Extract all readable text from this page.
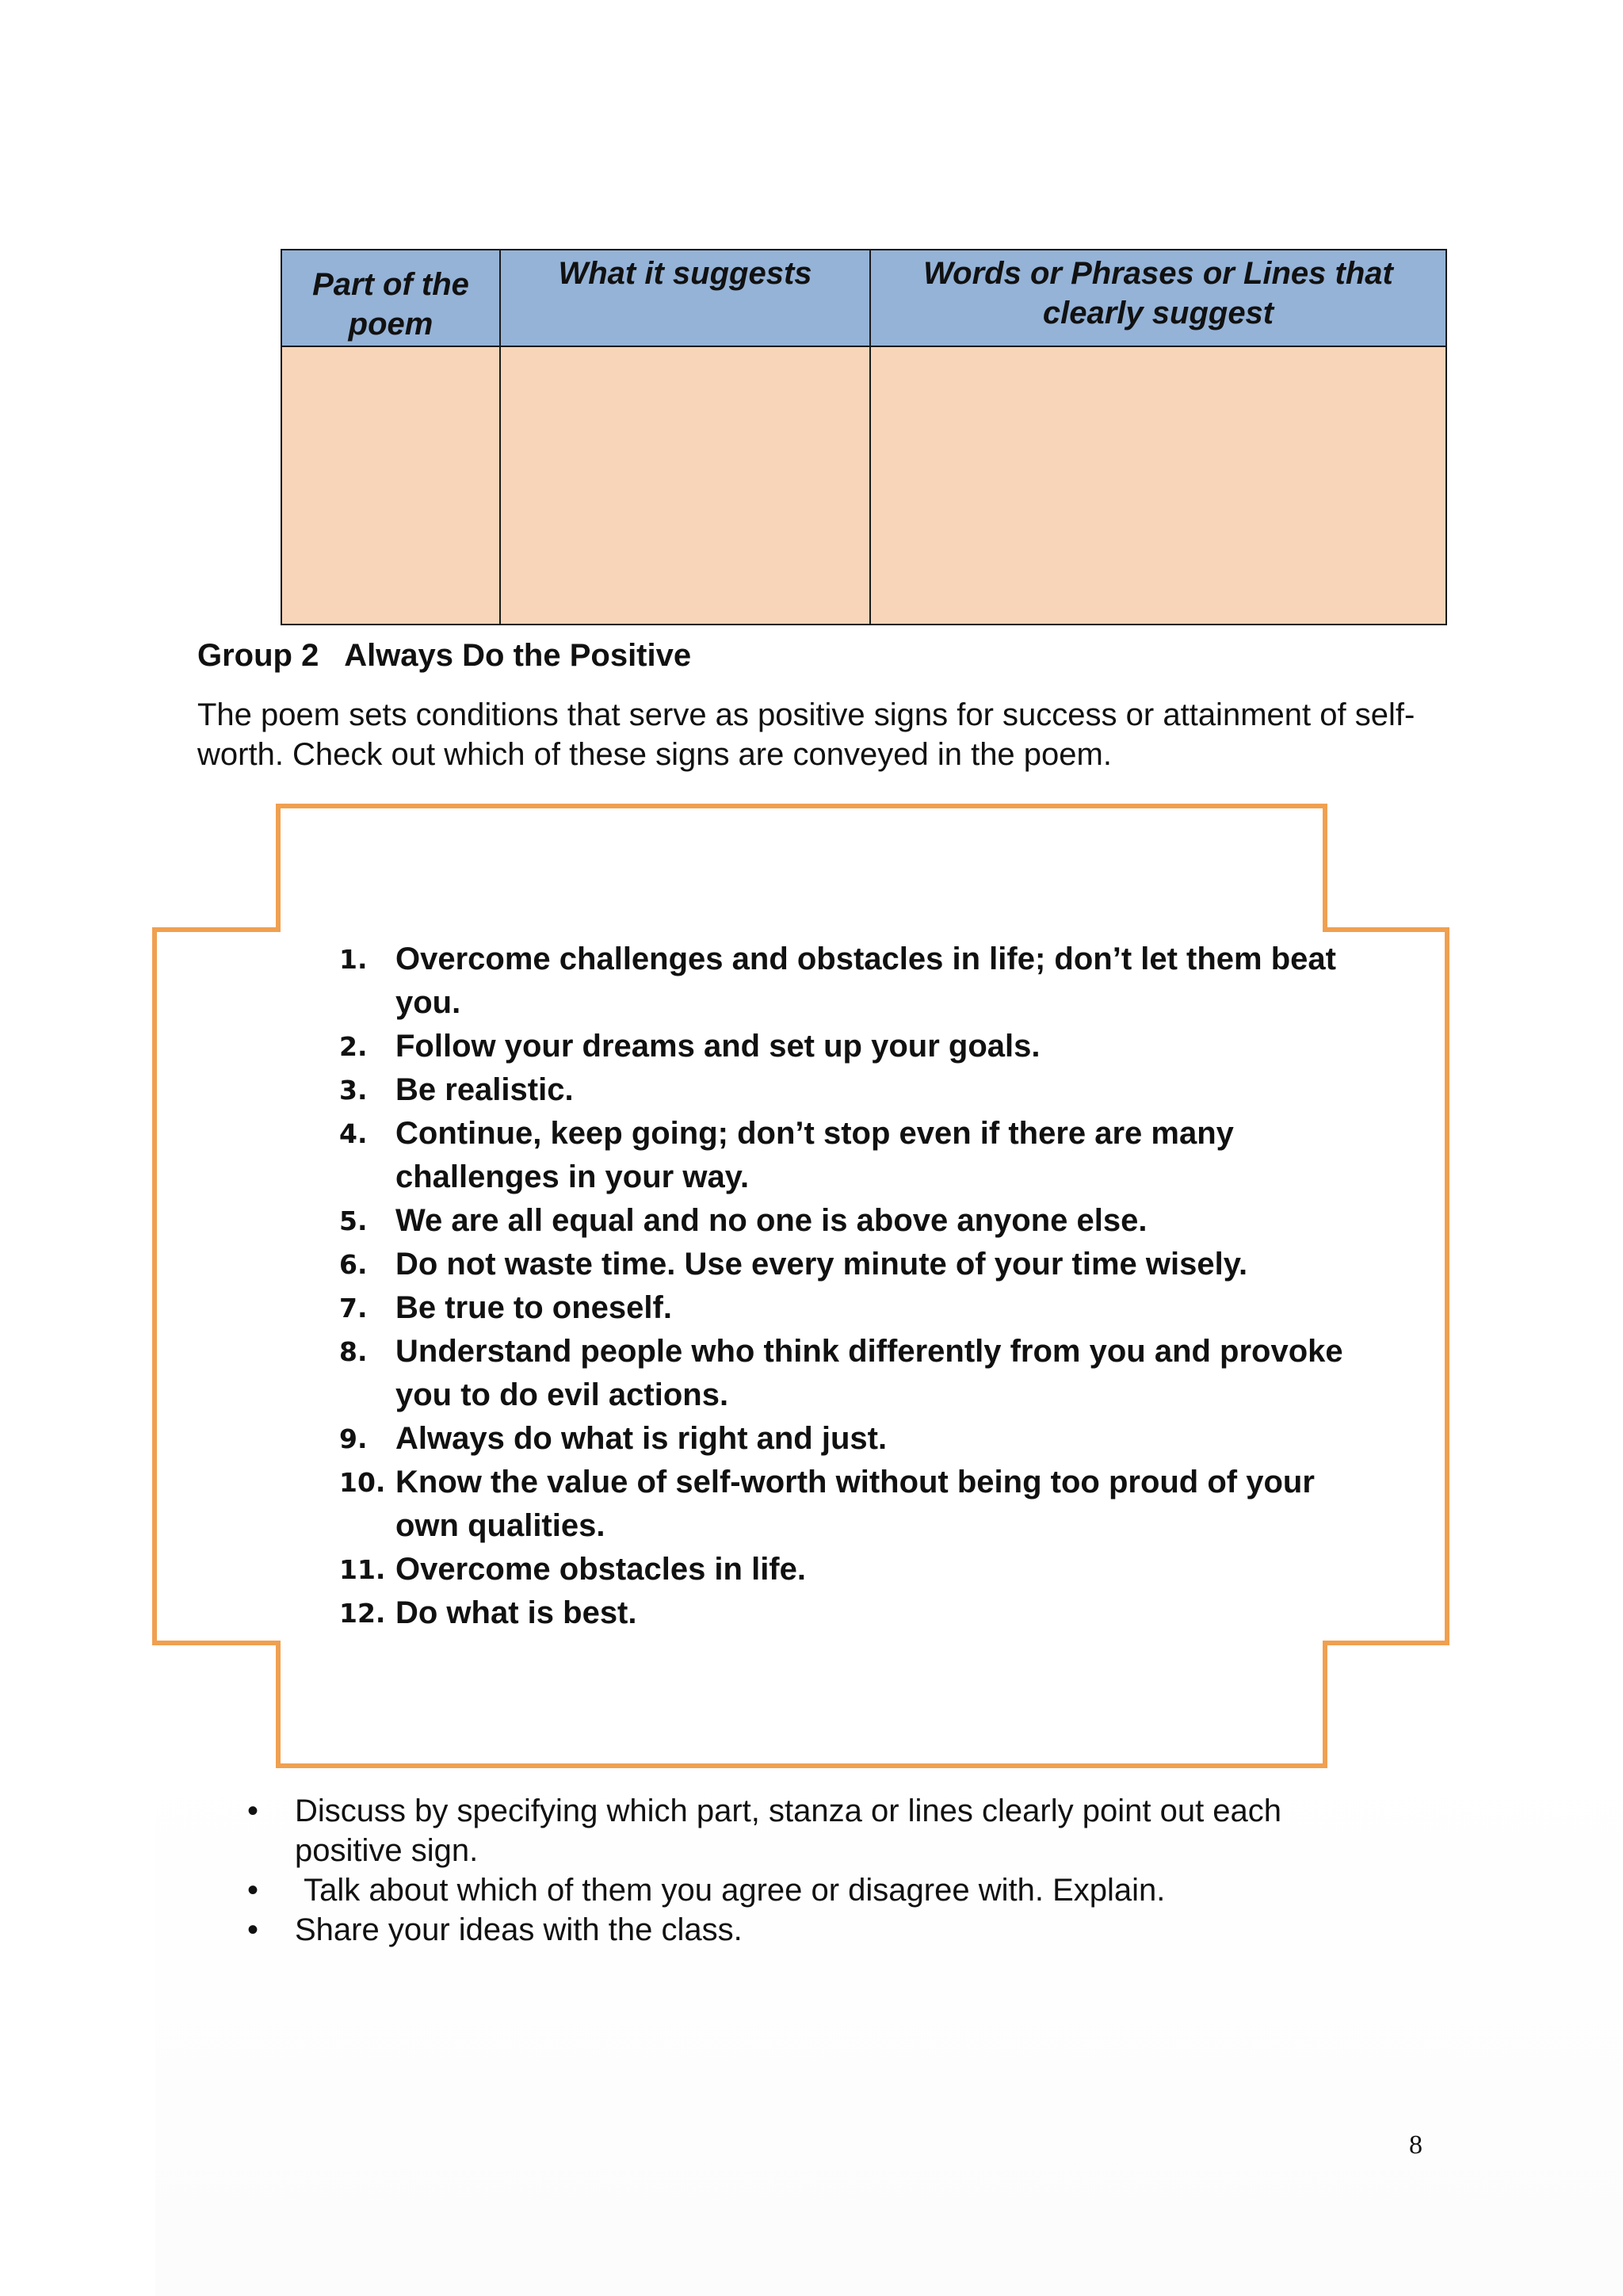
Part of the poem	What it suggests	Words or Phrases or Lines that clearly suggest

Group 2   Always Do the Positive
The poem sets conditions that serve as positive signs for success or attainment of self-worth. Check out which of these signs are conveyed in the poem.
1. Overcome challenges and obstacles in life; don’t let them beat you.
2. Follow your dreams and set up your goals.
3. Be realistic.
4. Continue, keep going; don’t stop even if there are many challenges in your way.
5. We are all equal and no one is above anyone else.
6. Do not waste time. Use every minute of your time wisely.
7. Be true to oneself.
8. Understand people who think differently from you and provoke you to do evil actions.
9. Always do what is right and just.
10. Know the value of self-worth without being too proud of your own qualities.
11. Overcome obstacles in life.
12. Do what is best.
• Discuss by specifying which part, stanza or lines clearly point out each positive sign.
• Talk about which of them you agree or disagree with. Explain.
• Share your ideas with the class.
8
